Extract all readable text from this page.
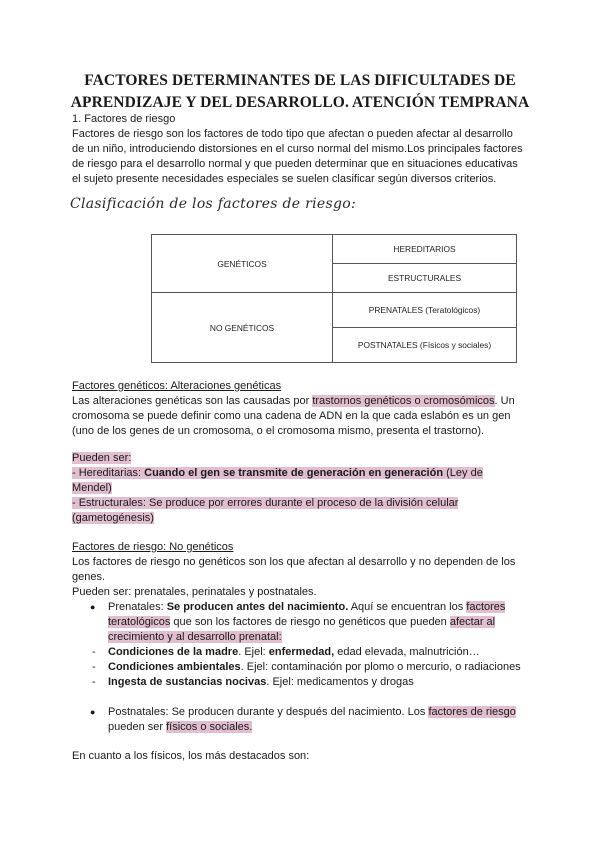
FACTORES DETERMINANTES DE LAS DIFICULTADES DE
APRENDIZAJE Y DEL DESARROLLO. ATENCIÓN TEMPRANA
1. Factores de riesgo
Factores de riesgo son los factores de todo tipo que afectan o pueden afectar al desarrollo
de un niño, introduciendo distorsiones en el curso normal del mismo.Los principales factores
de riesgo para el desarrollo normal y que pueden determinar que en situaciones educativas
el sujeto presente necesidades especiales se suelen clasificar según diversos criterios.
Clasificación de los factores de riesgo:
GENÉTICOS	HEREDITARIOS
	ESTRUCTURALES
NO GENÉTICOS	PRENATALES (Teratológicos)
	POSTNATALES (Físicos y sociales)
Factores genéticos: Alteraciones genéticas
Las alteraciones genéticas son las causadas por trastornos genéticos o cromosómicos. Un
cromosoma se puede definir como una cadena de ADN en la que cada eslabón es un gen
(uno de los genes de un cromosoma, o el cromosoma mismo, presenta el trastorno).
Pueden ser:
- Hereditarias: Cuando el gen se transmite de generación en generación (Ley de
Mendel)
- Estructurales: Se produce por errores durante el proceso de la división celular
(gametogénesis)
Factores de riesgo: No genéticos
Los factores de riesgo no genéticos son los que afectan al desarrollo y no dependen de los
genes.
Pueden ser: prenatales, perinatales y postnatales.
● Prenatales: Se producen antes del nacimiento. Aquí se encuentran los factores
teratológicos que son los factores de riesgo no genéticos que pueden afectar al
crecimiento y al desarrollo prenatal:
- Condiciones de la madre. Ejel: enfermedad, edad elevada, malnutrición…
- Condiciones ambientales. Ejel: contaminación por plomo o mercurio, o radiaciones
- Ingesta de sustancias nocivas. Ejel: medicamentos y drogas
● Postnatales: Se producen durante y después del nacimiento. Los factores de riesgo
pueden ser físicos o sociales.
En cuanto a los físicos, los más destacados son:
